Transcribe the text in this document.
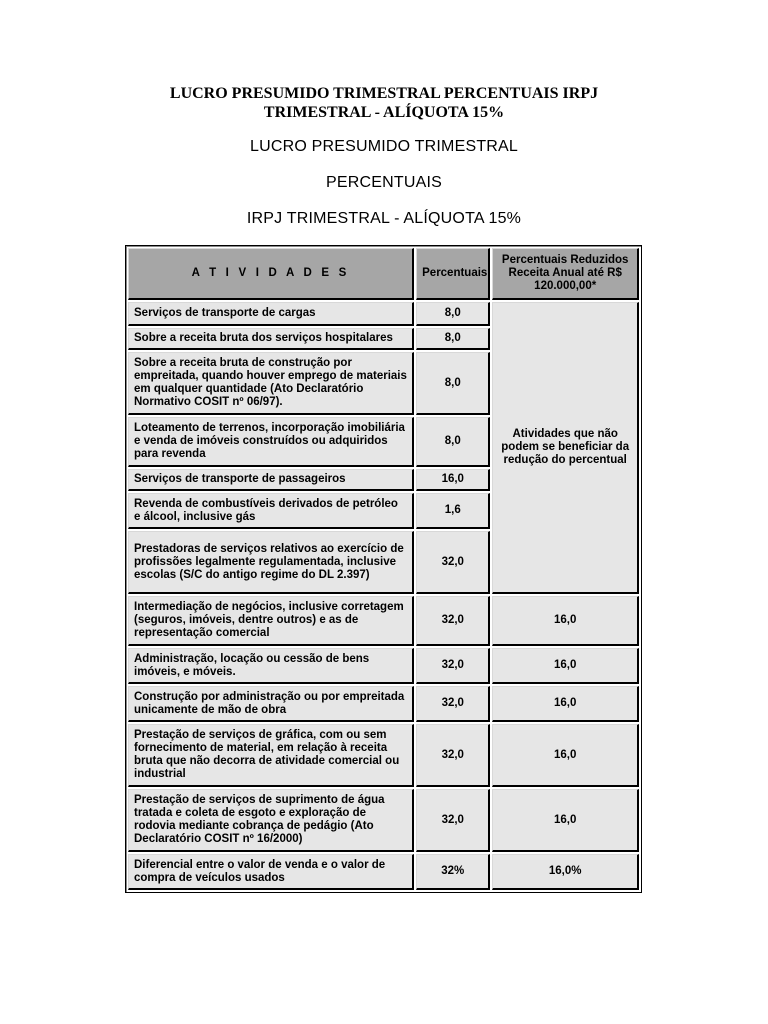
LUCRO PRESUMIDO TRIMESTRAL PERCENTUAIS IRPJ
TRIMESTRAL - ALÍQUOTA 15%
LUCRO PRESUMIDO TRIMESTRAL
PERCENTUAIS
IRPJ TRIMESTRAL - ALÍQUOTA 15%
A T I V I D A D E S	Percentuais	Percentuais Reduzidos Receita Anual até R$ 120.000,00*
Serviços de transporte de cargas	8,0	Atividades que não podem se beneficiar da redução do percentual
Sobre a receita bruta dos serviços hospitalares	8,0	
Sobre a receita bruta de construção por empreitada, quando houver emprego de materiais em qualquer quantidade (Ato Declaratório Normativo COSIT nº 06/97).	8,0	
Loteamento de terrenos, incorporação imobiliária e venda de imóveis construídos ou adquiridos para revenda	8,0	
Serviços de transporte de passageiros	16,0	
Revenda de combustíveis derivados de petróleo e álcool, inclusive gás	1,6	
Prestadoras de serviços relativos ao exercício de profissões legalmente regulamentada, inclusive escolas (S/C do antigo regime do DL 2.397)	32,0	
Intermediação de negócios, inclusive corretagem (seguros, imóveis, dentre outros) e as de representação comercial	32,0	16,0
Administração, locação ou cessão de bens imóveis, e móveis.	32,0	16,0
Construção por administração ou por empreitada unicamente de mão de obra	32,0	16,0
Prestação de serviços de gráfica, com ou sem fornecimento de material, em relação à receita bruta que não decorra de atividade comercial ou industrial	32,0	16,0
Prestação de serviços de suprimento de água tratada e coleta de esgoto e exploração de rodovia mediante cobrança de pedágio (Ato Declaratório COSIT nº 16/2000)	32,0	16,0
Diferencial entre o valor de venda e o valor de compra de veículos usados	32%	16,0%
